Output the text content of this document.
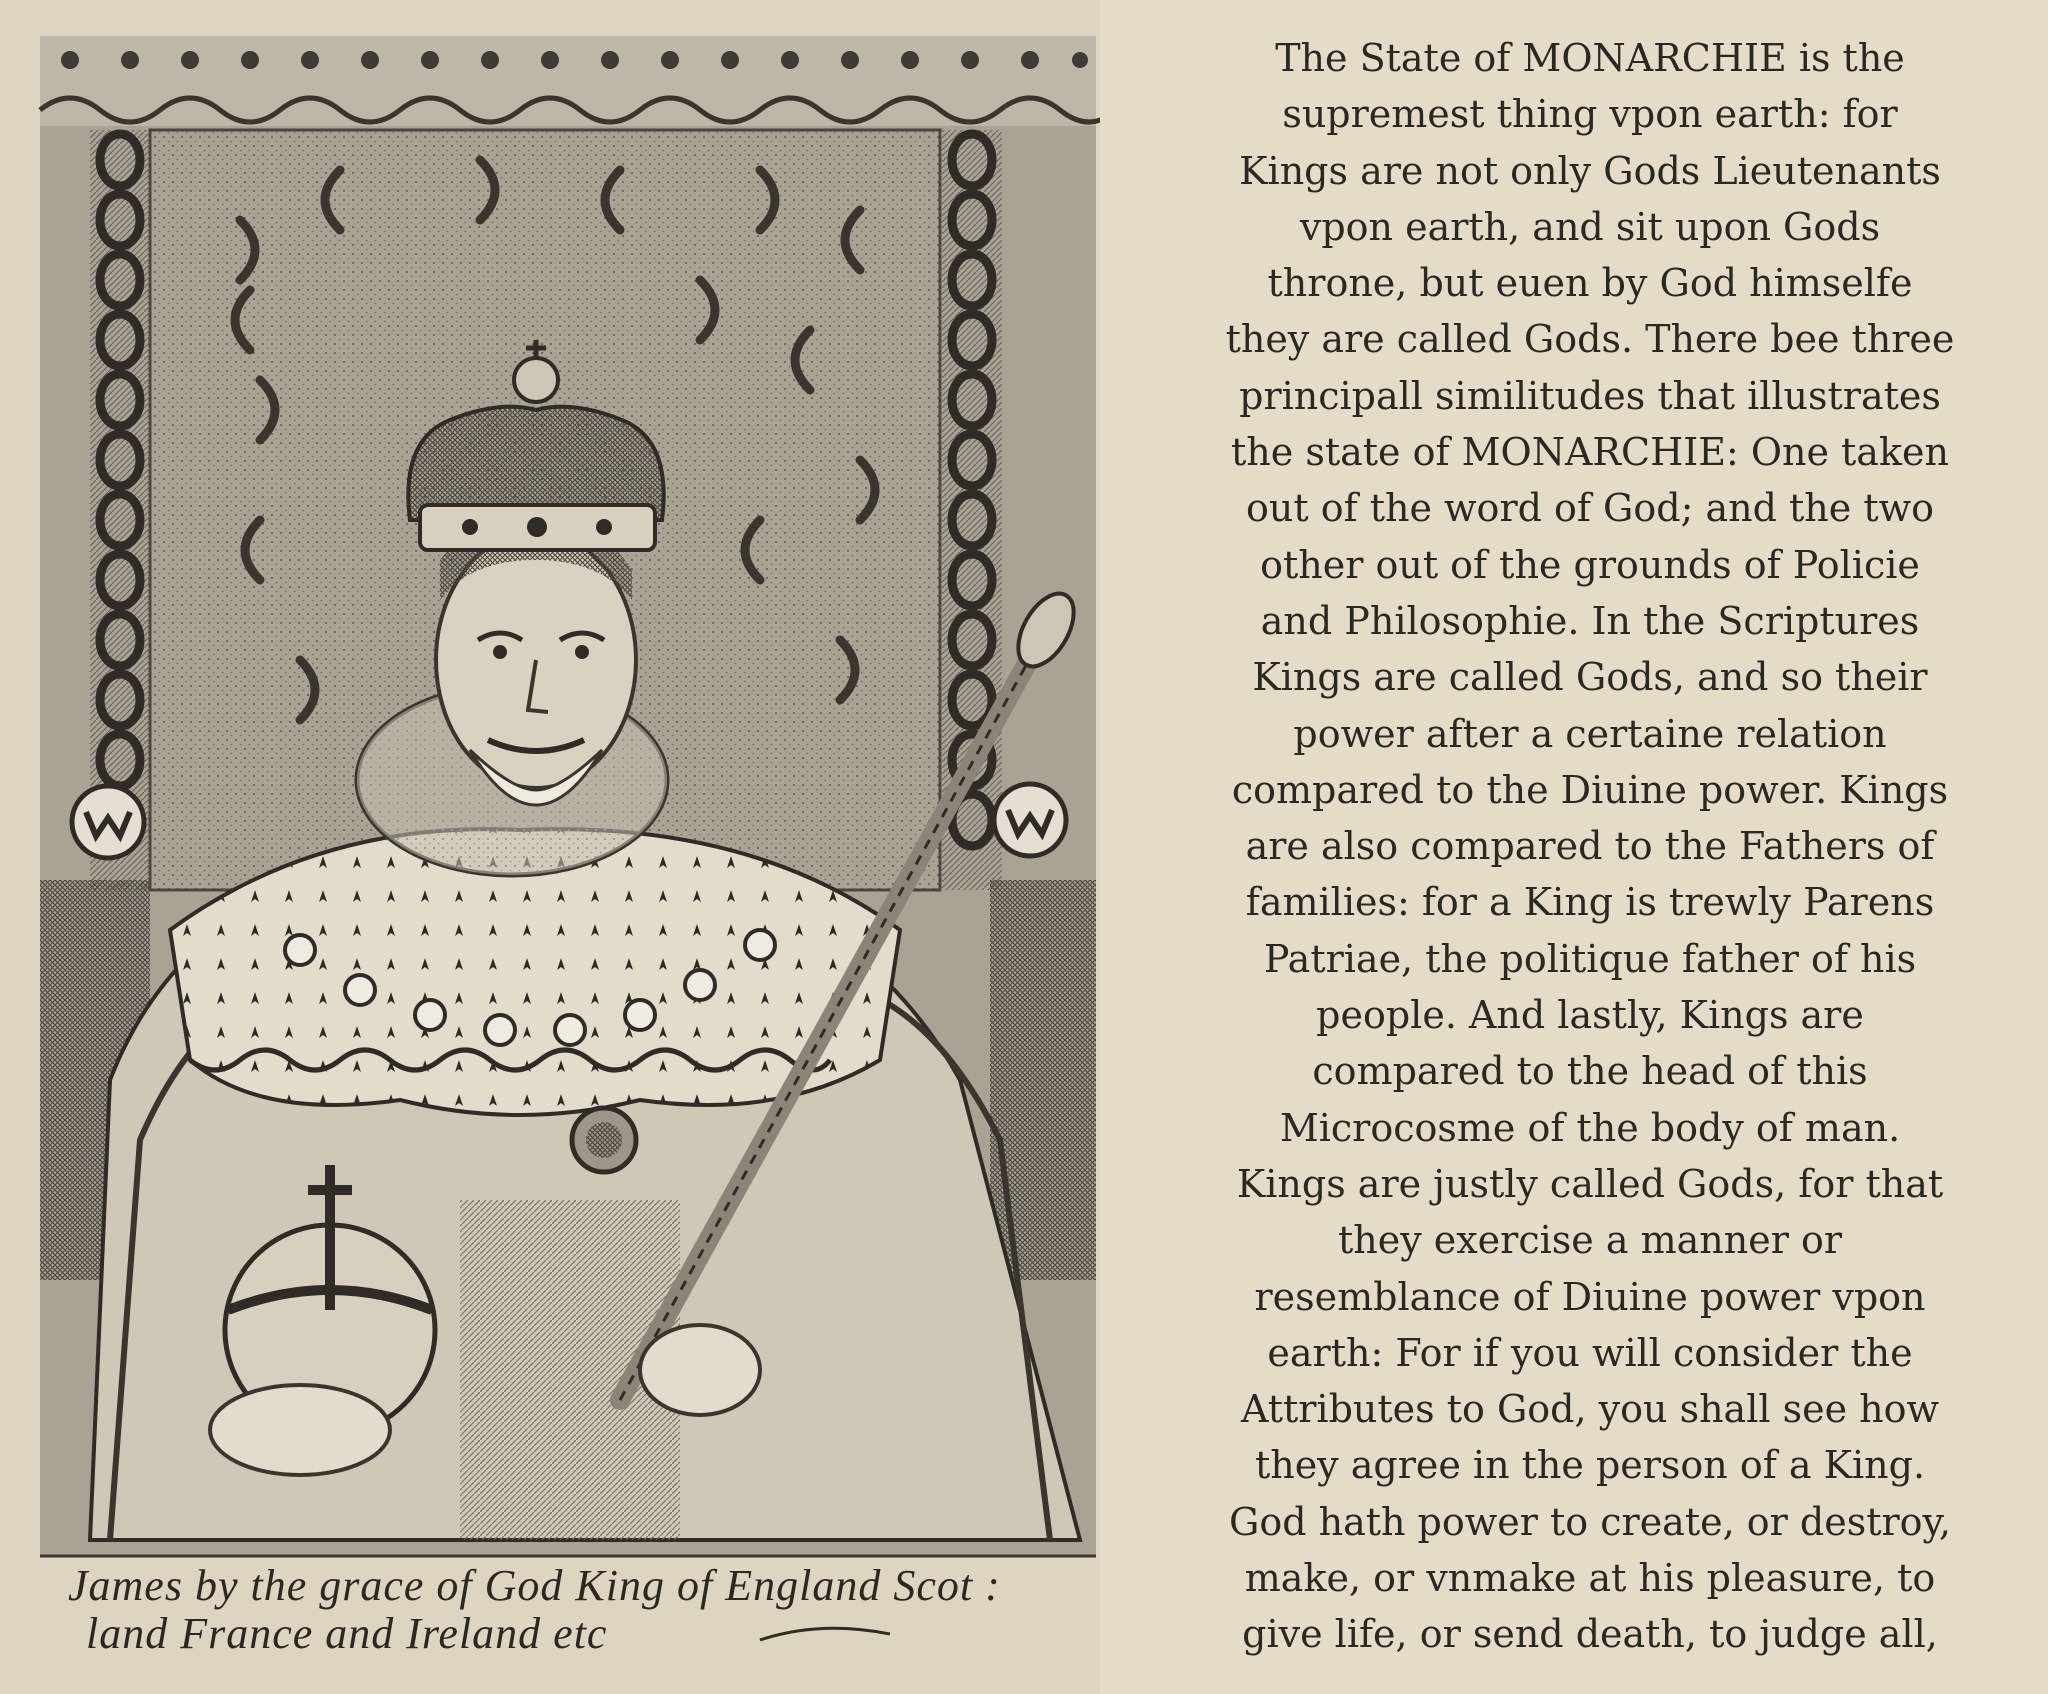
James by the grace of God King of England Scot :

land France and Ireland etc

The State of MONARCHIE is the
supremest thing vpon earth: for
Kings are not only Gods Lieutenants
vpon earth, and sit upon Gods
throne, but euen by God himselfe
they are called Gods. There bee three
principall similitudes that illustrates
the state of MONARCHIE: One taken
out of the word of God; and the two
other out of the grounds of Policie
and Philosophie. In the Scriptures
Kings are called Gods, and so their
power after a certaine relation
compared to the Diuine power. Kings
are also compared to the Fathers of
families: for a King is trewly Parens
Patriae, the politique father of his
people. And lastly, Kings are
compared to the head of this
Microcosme of the body of man.
Kings are justly called Gods, for that
they exercise a manner or
resemblance of Diuine power vpon
earth: For if you will consider the
Attributes to God, you shall see how
they agree in the person of a King.
God hath power to create, or destroy,
make, or vnmake at his pleasure, to
give life, or send death, to judge all,
